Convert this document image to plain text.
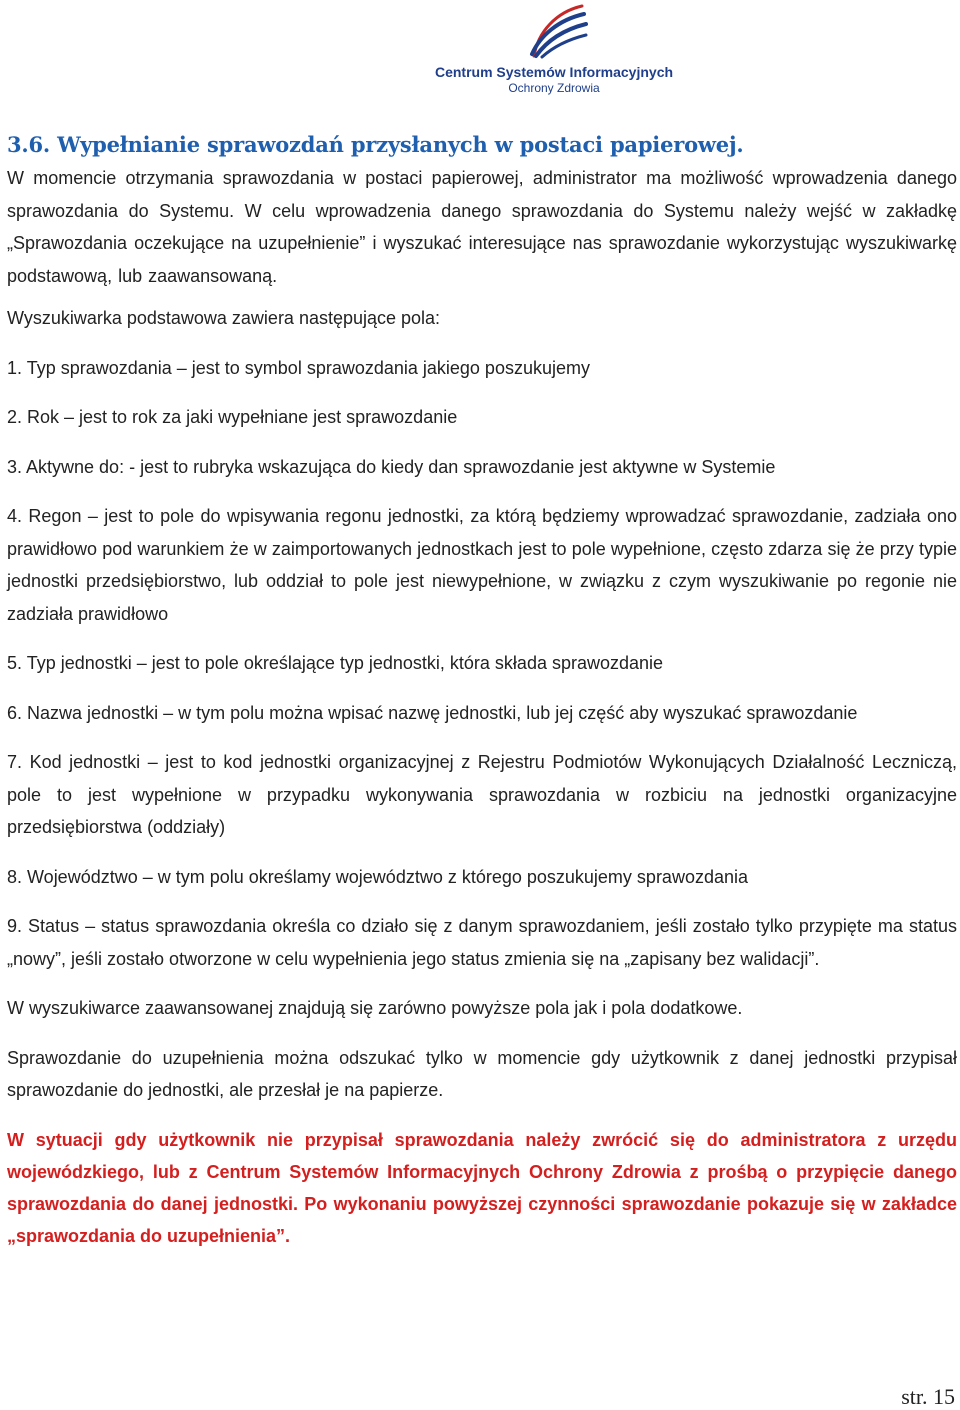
Centrum Systemów Informacyjnych
Ochrony Zdrowia
3.6. Wypełnianie sprawozdań przysłanych w postaci papierowej.

W momencie otrzymania sprawozdania w postaci papierowej, administrator ma możliwość wprowadzenia danego sprawozdania do Systemu. W celu wprowadzenia danego sprawozdania do Systemu należy wejść w zakładkę „Sprawozdania oczekujące na uzupełnienie” i wyszukać interesujące nas sprawozdanie wykorzystując wyszukiwarkę podstawową, lub zaawansowaną.

Wyszukiwarka podstawowa zawiera następujące pola:

1. Typ sprawozdania – jest to symbol sprawozdania jakiego poszukujemy

2. Rok – jest to rok za jaki wypełniane jest sprawozdanie

3. Aktywne do: - jest to rubryka wskazująca do kiedy dan sprawozdanie jest aktywne w Systemie

4. Regon – jest to pole do wpisywania regonu jednostki, za którą będziemy wprowadzać sprawozdanie, zadziała ono prawidłowo pod warunkiem że w zaimportowanych jednostkach jest to pole wypełnione, często zdarza się że przy typie jednostki przedsiębiorstwo, lub oddział to pole jest niewypełnione, w związku z czym wyszukiwanie po regonie nie zadziała prawidłowo

5. Typ jednostki – jest to pole określające typ jednostki, która składa sprawozdanie

6. Nazwa jednostki – w tym polu można wpisać nazwę jednostki, lub jej część aby wyszukać sprawozdanie

7. Kod jednostki – jest to kod jednostki organizacyjnej z Rejestru Podmiotów Wykonujących Działalność Leczniczą, pole to jest wypełnione w przypadku wykonywania sprawozdania w rozbiciu na jednostki organizacyjne przedsiębiorstwa (oddziały)

8. Województwo – w tym polu określamy województwo z którego poszukujemy sprawozdania

9. Status – status sprawozdania określa co działo się z danym sprawozdaniem, jeśli zostało tylko przypięte ma status „nowy”, jeśli zostało otworzone w celu wypełnienia jego status zmienia się na „zapisany bez walidacji”.

W wyszukiwarce zaawansowanej znajdują się zarówno powyższe pola jak i pola dodatkowe.

Sprawozdanie do uzupełnienia można odszukać tylko w momencie gdy użytkownik z danej jednostki przypisał sprawozdanie do jednostki, ale przesłał je na papierze.

W sytuacji gdy użytkownik nie przypisał sprawozdania należy zwrócić się do administratora z urzędu wojewódzkiego, lub z Centrum Systemów Informacyjnych Ochrony Zdrowia z prośbą o przypięcie danego sprawozdania do danej jednostki. Po wykonaniu powyższej czynności sprawozdanie pokazuje się w zakładce „sprawozdania do uzupełnienia”.

str. 15
